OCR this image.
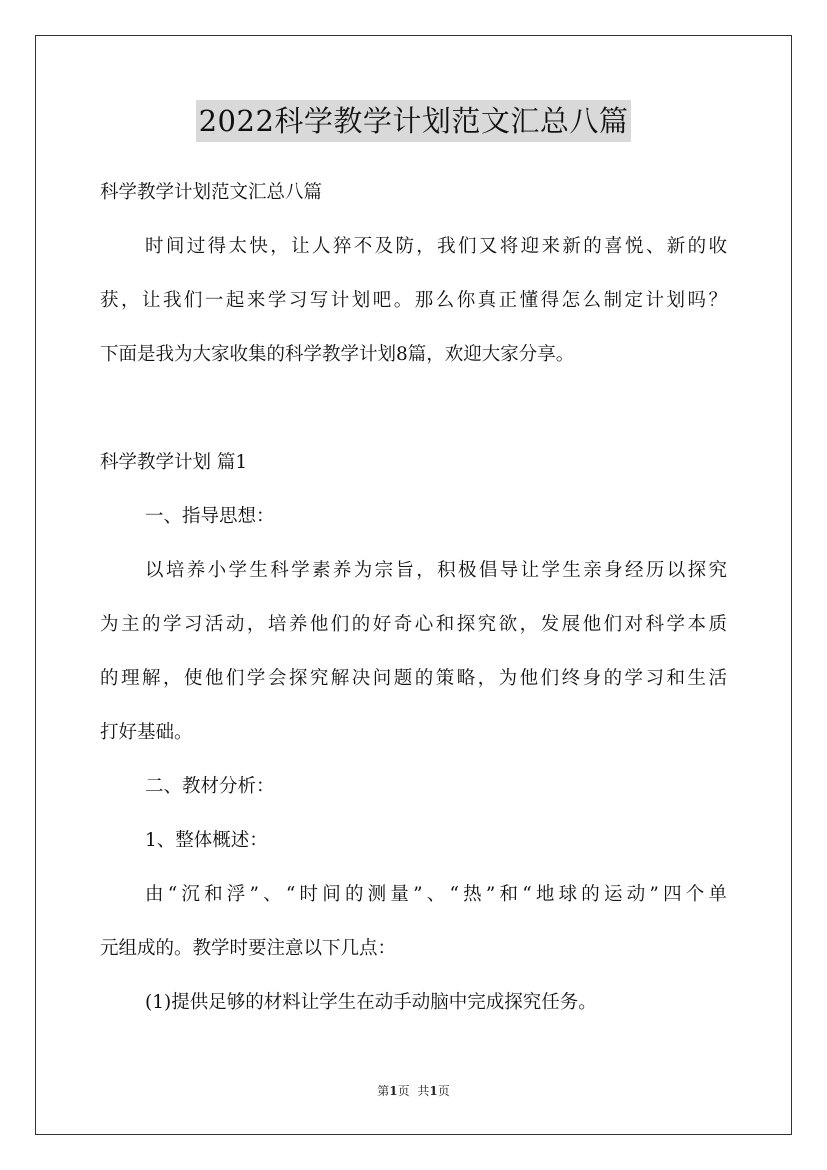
2022科学教学计划范文汇总八篇
科学教学计划范文汇总八篇
时间过得太快，让人猝不及防，我们又将迎来新的喜悦、新的收
获，让我们一起来学习写计划吧。那么你真正懂得怎么制定计划吗？
下面是我为大家收集的科学教学计划8篇，欢迎大家分享。
科学教学计划 篇1
一、指导思想：
以培养小学生科学素养为宗旨，积极倡导让学生亲身经历以探究
为主的学习活动，培养他们的好奇心和探究欲，发展他们对科学本质
的理解，使他们学会探究解决问题的策略，为他们终身的学习和生活
打好基础。
二、教材分析：
1、整体概述：
由“沉和浮”、“时间的测量”、“热”和“地球的运动”四个单
元组成的。教学时要注意以下几点：
(1)提供足够的材料让学生在动手动脑中完成探究任务。
第1页 共1页
